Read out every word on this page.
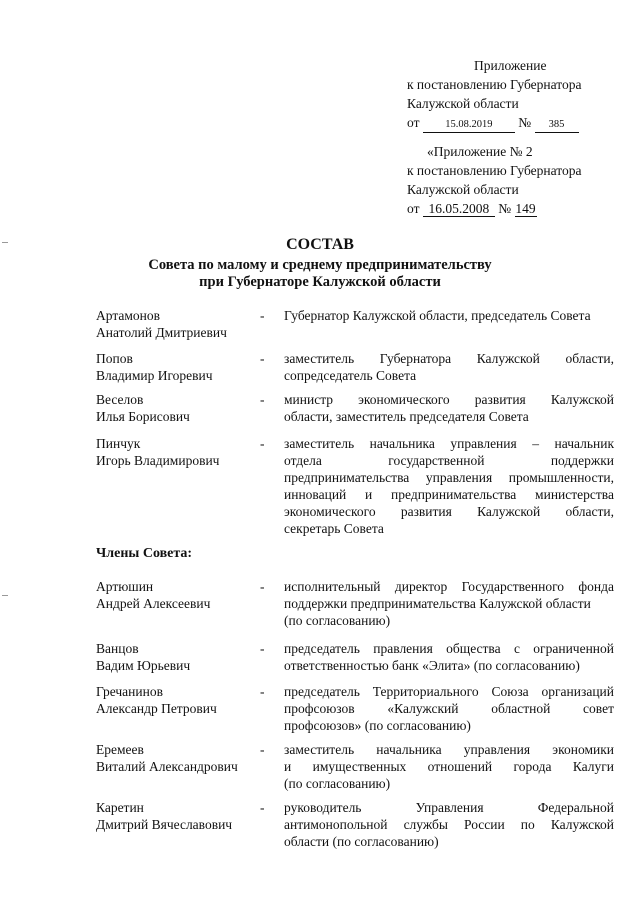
Приложение
к постановлению Губернатора
Калужской области
от 15.08.2019 № 385
«Приложение № 2
к постановлению Губернатора
Калужской области
от 16.05.2008 № 149
СОСТАВ
Совета по малому и среднему предпринимательству
при Губернаторе Калужской области
Артамонов
Анатолий Дмитриевич
- Губернатор Калужской области, председатель Совета
Попов
Владимир Игоревич
- заместитель Губернатора Калужской области,
сопредседатель Совета
Веселов
Илья Борисович
- министр экономического развития Калужской
области, заместитель председателя Совета
Пинчук
Игорь Владимирович
- заместитель начальника управления – начальник
отдела государственной поддержки
предпринимательства управления промышленности,
инноваций и предпринимательства министерства
экономического развития Калужской области,
секретарь Совета
Члены Совета:
Артюшин
Андрей Алексеевич
- исполнительный директор Государственного фонда
поддержки предпринимательства Калужской области
(по согласованию)
Ванцов
Вадим Юрьевич
- председатель правления общества с ограниченной
ответственностью банк «Элита» (по согласованию)
Гречанинов
Александр Петрович
- председатель Территориального Союза организаций
профсоюзов «Калужский областной совет
профсоюзов» (по согласованию)
Еремеев
Виталий Александрович
- заместитель начальника управления экономики
и имущественных отношений города Калуги
(по согласованию)
Каретин
Дмитрий Вячеславович
- руководитель Управления Федеральной
антимонопольной службы России по Калужской
области (по согласованию)
